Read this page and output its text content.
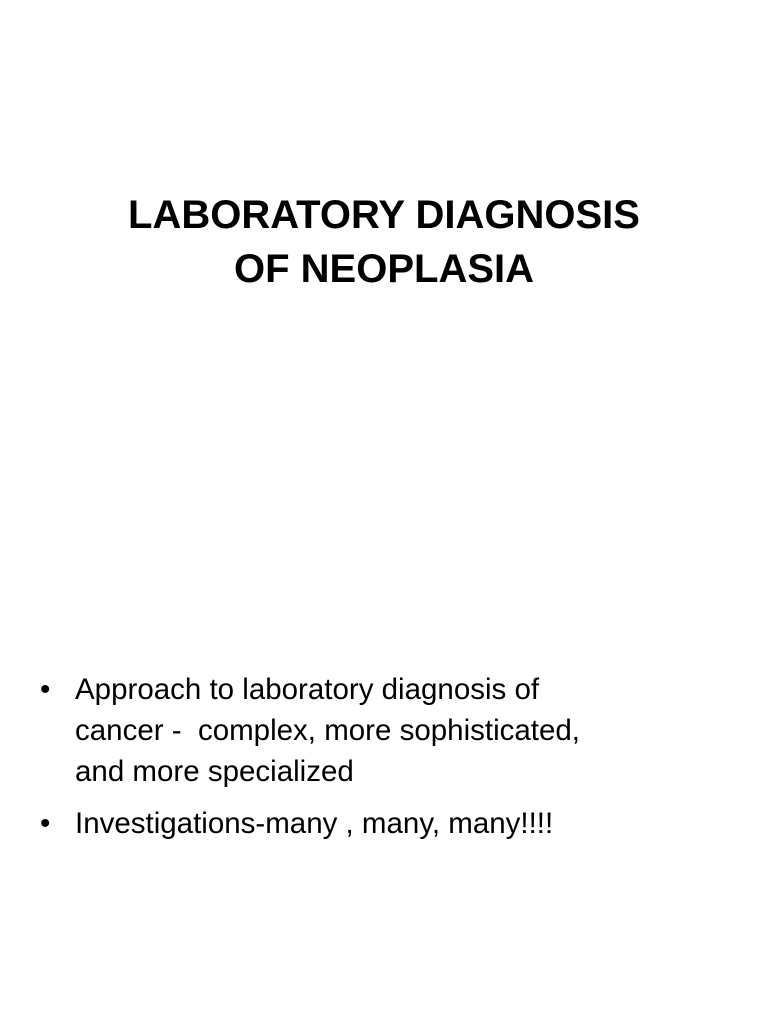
LABORATORY DIAGNOSIS
OF NEOPLASIA
• Approach to laboratory diagnosis of
cancer -  complex, more sophisticated,
and more specialized
• Investigations-many , many, many!!!!
